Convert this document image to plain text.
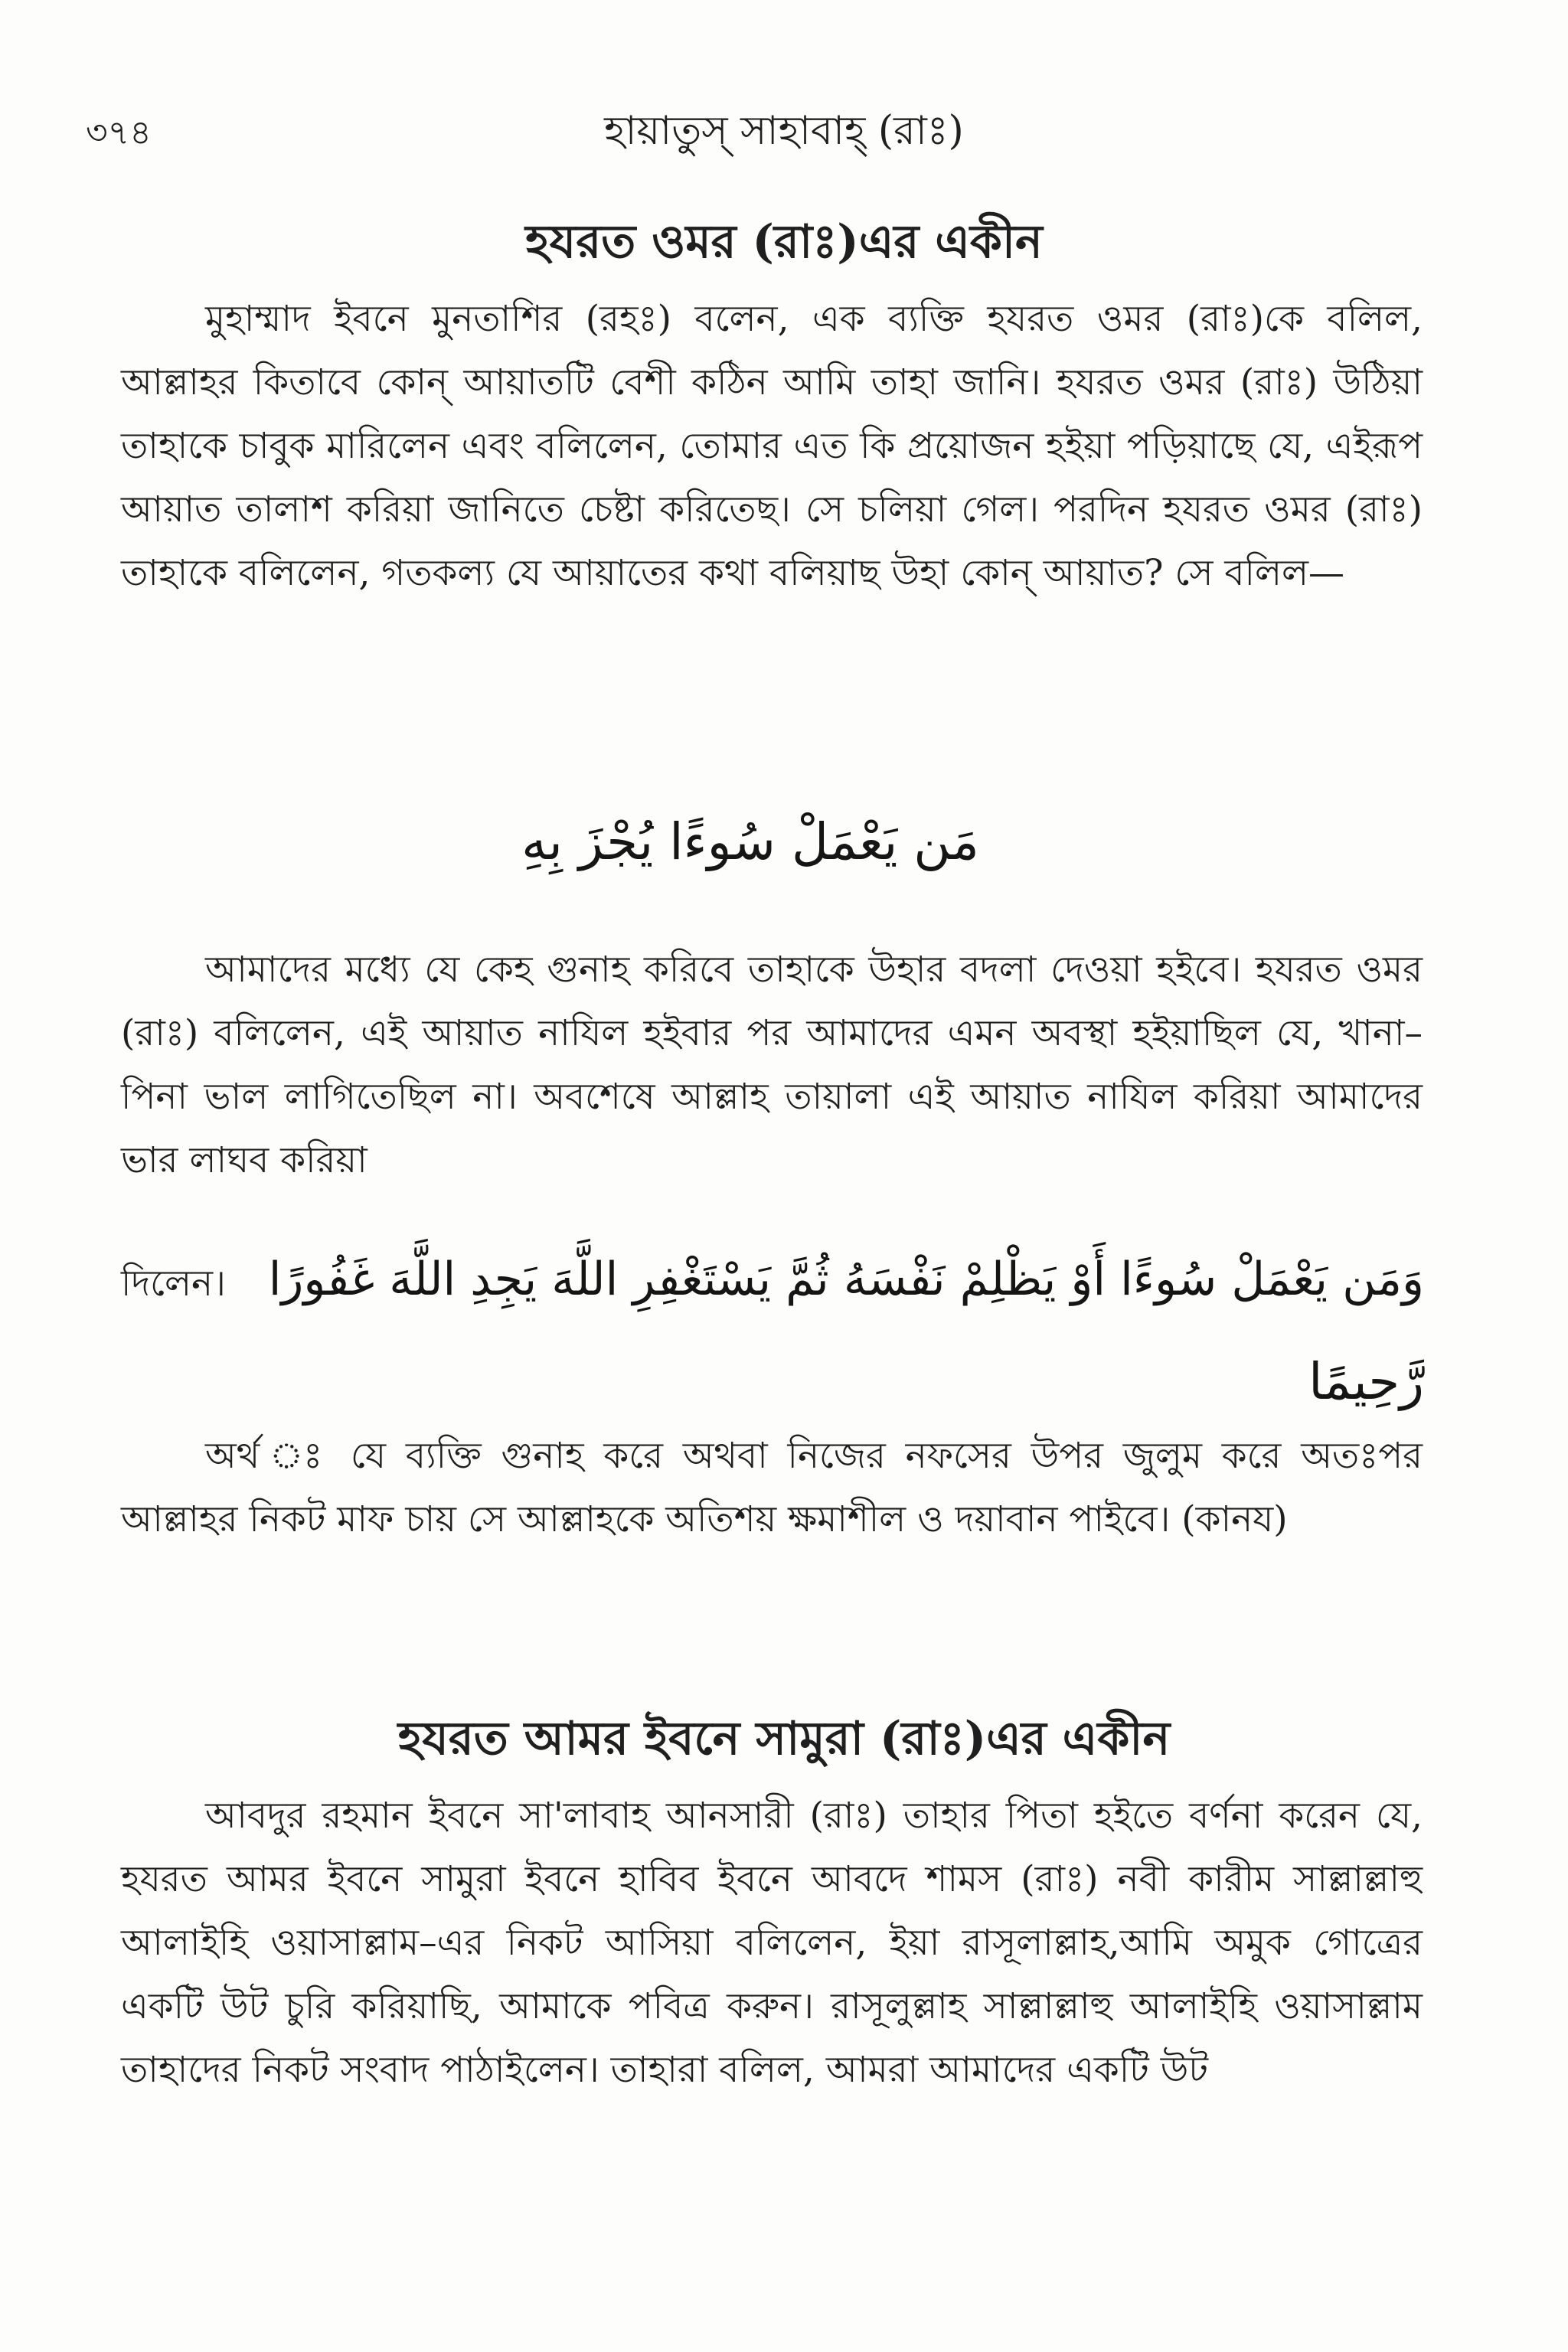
৩৭৪	হায়াতুস্ সাহাবাহ্ (রাঃ)
হযরত ওমর (রাঃ)এর একীন

মুহাম্মাদ ইবনে মুনতাশির (রহঃ) বলেন, এক ব্যক্তি হযরত ওমর (রাঃ)কে বলিল, আল্লাহর কিতাবে কোন্ আয়াতটি বেশী কঠিন আমি তাহা জানি। হযরত ওমর (রাঃ) উঠিয়া তাহাকে চাবুক মারিলেন এবং বলিলেন, তোমার এত কি প্রয়োজন হইয়া পড়িয়াছে যে, এইরূপ আয়াত তালাশ করিয়া জানিতে চেষ্টা করিতেছ। সে চলিয়া গেল। পরদিন হযরত ওমর (রাঃ) তাহাকে বলিলেন, গতকল্য যে আয়াতের কথা বলিয়াছ উহা কোন্ আয়াত? সে বলিল—

مَن يَعْمَلْ سُوءًا يُجْزَ بِهِ

আমাদের মধ্যে যে কেহ গুনাহ করিবে তাহাকে উহার বদলা দেওয়া হইবে। হযরত ওমর (রাঃ) বলিলেন, এই আয়াত নাযিল হইবার পর আমাদের এমন অবস্থা হইয়াছিল যে, খানা–পিনা ভাল লাগিতেছিল না। অবশেষে আল্লাহ তায়ালা এই আয়াত নাযিল করিয়া আমাদের ভার লাঘব করিয়া

দিলেন। وَمَن يَعْمَلْ سُوءًا أَوْ يَظْلِمْ نَفْسَهُ ثُمَّ يَسْتَغْفِرِ اللَّهَ يَجِدِ اللَّهَ غَفُورًا
رَّحِيمًا

অর্থ ঃ যে ব্যক্তি গুনাহ করে অথবা নিজের নফসের উপর জুলুম করে অতঃপর আল্লাহর নিকট মাফ চায় সে আল্লাহকে অতিশয় ক্ষমাশীল ও দয়াবান পাইবে। (কানয)

হযরত আমর ইবনে সামুরা (রাঃ)এর একীন

আবদুর রহমান ইবনে সা'লাবাহ আনসারী (রাঃ) তাহার পিতা হইতে বর্ণনা করেন যে, হযরত আমর ইবনে সামুরা ইবনে হাবিব ইবনে আবদে শামস (রাঃ) নবী কারীম সাল্লাল্লাহু আলাইহি ওয়াসাল্লাম–এর নিকট আসিয়া বলিলেন, ইয়া রাসূলাল্লাহ,আমি অমুক গোত্রের একটি উট চুরি করিয়াছি, আমাকে পবিত্র করুন। রাসূলুল্লাহ সাল্লাল্লাহু আলাইহি ওয়াসাল্লাম তাহাদের নিকট সংবাদ পাঠাইলেন। তাহারা বলিল, আমরা আমাদের একটি উট
